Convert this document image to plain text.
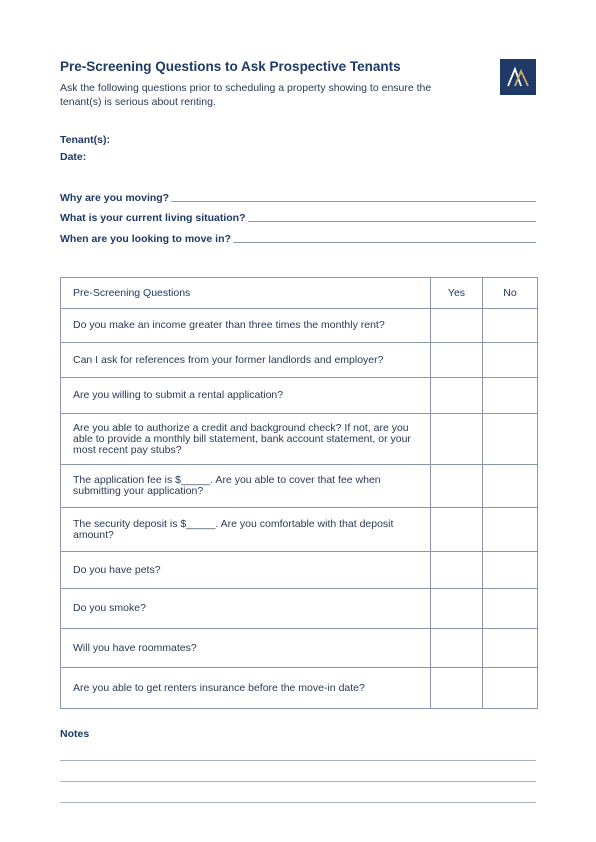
Pre-Screening Questions to Ask Prospective Tenants

Ask the following questions prior to scheduling a property showing to ensure the tenant(s) is serious about renting.

Tenant(s):
Date:
Why are you moving?
What is your current living situation?
When are you looking to move in?
Pre-Screening Questions	Yes	No
Do you make an income greater than three times the monthly rent?		
Can I ask for references from your former landlords and employer?		
Are you willing to submit a rental application?		
Are you able to authorize a credit and background check? If not, are you able to provide a monthly bill statement, bank account statement, or your most recent pay stubs?		
The application fee is $_____. Are you able to cover that fee when submitting your application?		
The security deposit is $_____. Are you comfortable with that deposit amount?		
Do you have pets?		
Do you smoke?		
Will you have roommates?		
Are you able to get renters insurance before the move-in date?		
Notes
